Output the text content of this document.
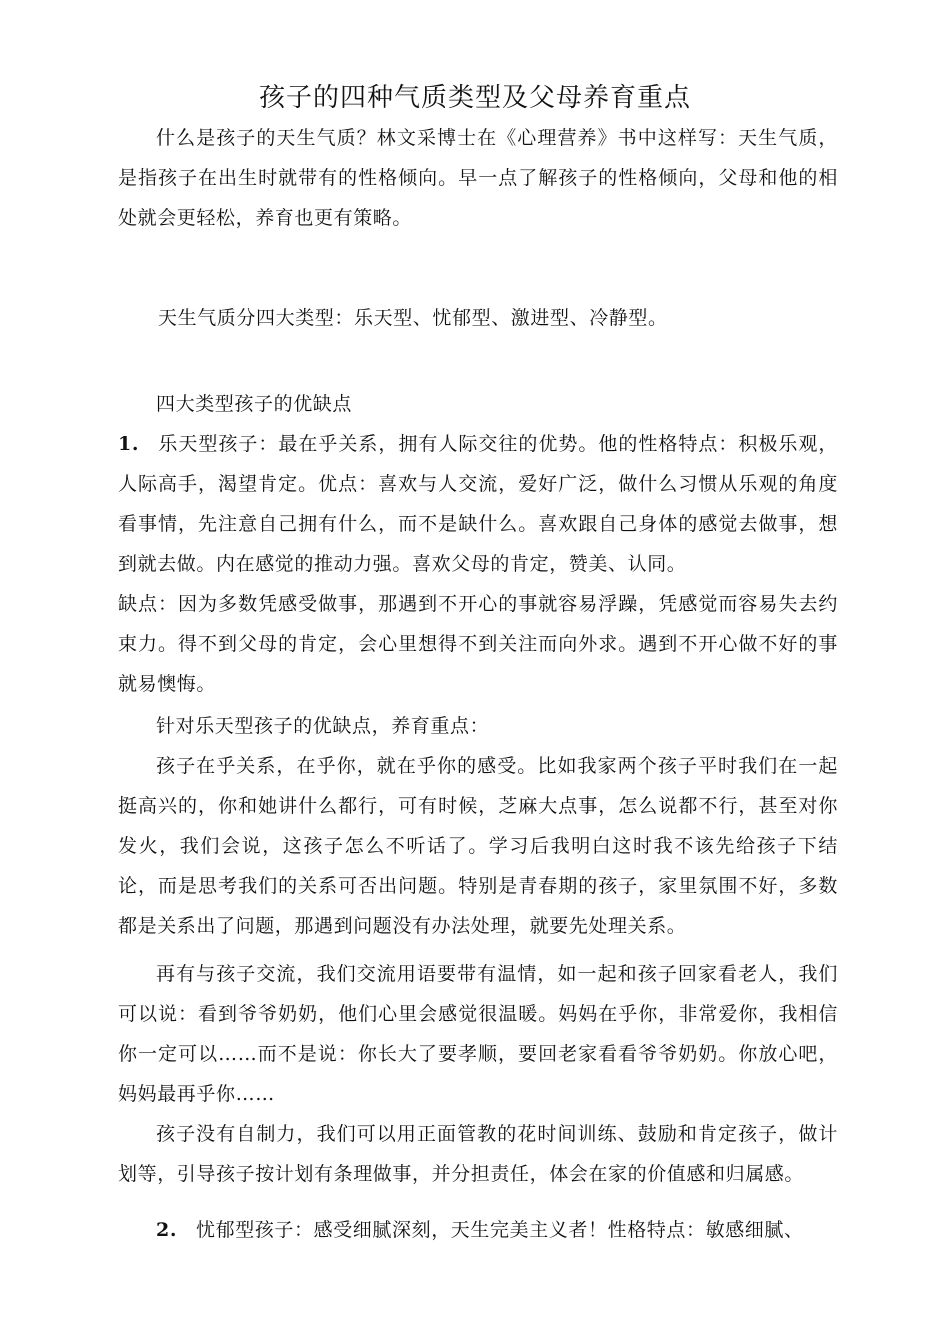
孩子的四种气质类型及父母养育重点

什么是孩子的天生气质？林文采博士在《心理营养》书中这样写：天生气质，是指孩子在出生时就带有的性格倾向。早一点了解孩子的性格倾向，父母和他的相处就会更轻松，养育也更有策略。

天生气质分四大类型：乐天型、忧郁型、激进型、冷静型。

四大类型孩子的优缺点

1. 乐天型孩子：最在乎关系，拥有人际交往的优势。他的性格特点：积极乐观，人际高手，渴望肯定。优点：喜欢与人交流，爱好广泛，做什么习惯从乐观的角度看事情，先注意自己拥有什么，而不是缺什么。喜欢跟自己身体的感觉去做事，想到就去做。内在感觉的推动力强。喜欢父母的肯定，赞美、认同。

缺点：因为多数凭感受做事，那遇到不开心的事就容易浮躁，凭感觉而容易失去约束力。得不到父母的肯定，会心里想得不到关注而向外求。遇到不开心做不好的事就易懊悔。

针对乐天型孩子的优缺点，养育重点：

孩子在乎关系，在乎你，就在乎你的感受。比如我家两个孩子平时我们在一起挺高兴的，你和她讲什么都行，可有时候，芝麻大点事，怎么说都不行，甚至对你发火，我们会说，这孩子怎么不听话了。学习后我明白这时我不该先给孩子下结论，而是思考我们的关系可否出问题。特别是青春期的孩子，家里氛围不好，多数都是关系出了问题，那遇到问题没有办法处理，就要先处理关系。

再有与孩子交流，我们交流用语要带有温情，如一起和孩子回家看老人，我们可以说：看到爷爷奶奶，他们心里会感觉很温暖。妈妈在乎你，非常爱你，我相信你一定可以……而不是说：你长大了要孝顺，要回老家看看爷爷奶奶。你放心吧，妈妈最再乎你……

孩子没有自制力，我们可以用正面管教的花时间训练、鼓励和肯定孩子，做计划等，引导孩子按计划有条理做事，并分担责任，体会在家的价值感和归属感。

2. 忧郁型孩子：感受细腻深刻，天生完美主义者！性格特点：敏感细腻、
